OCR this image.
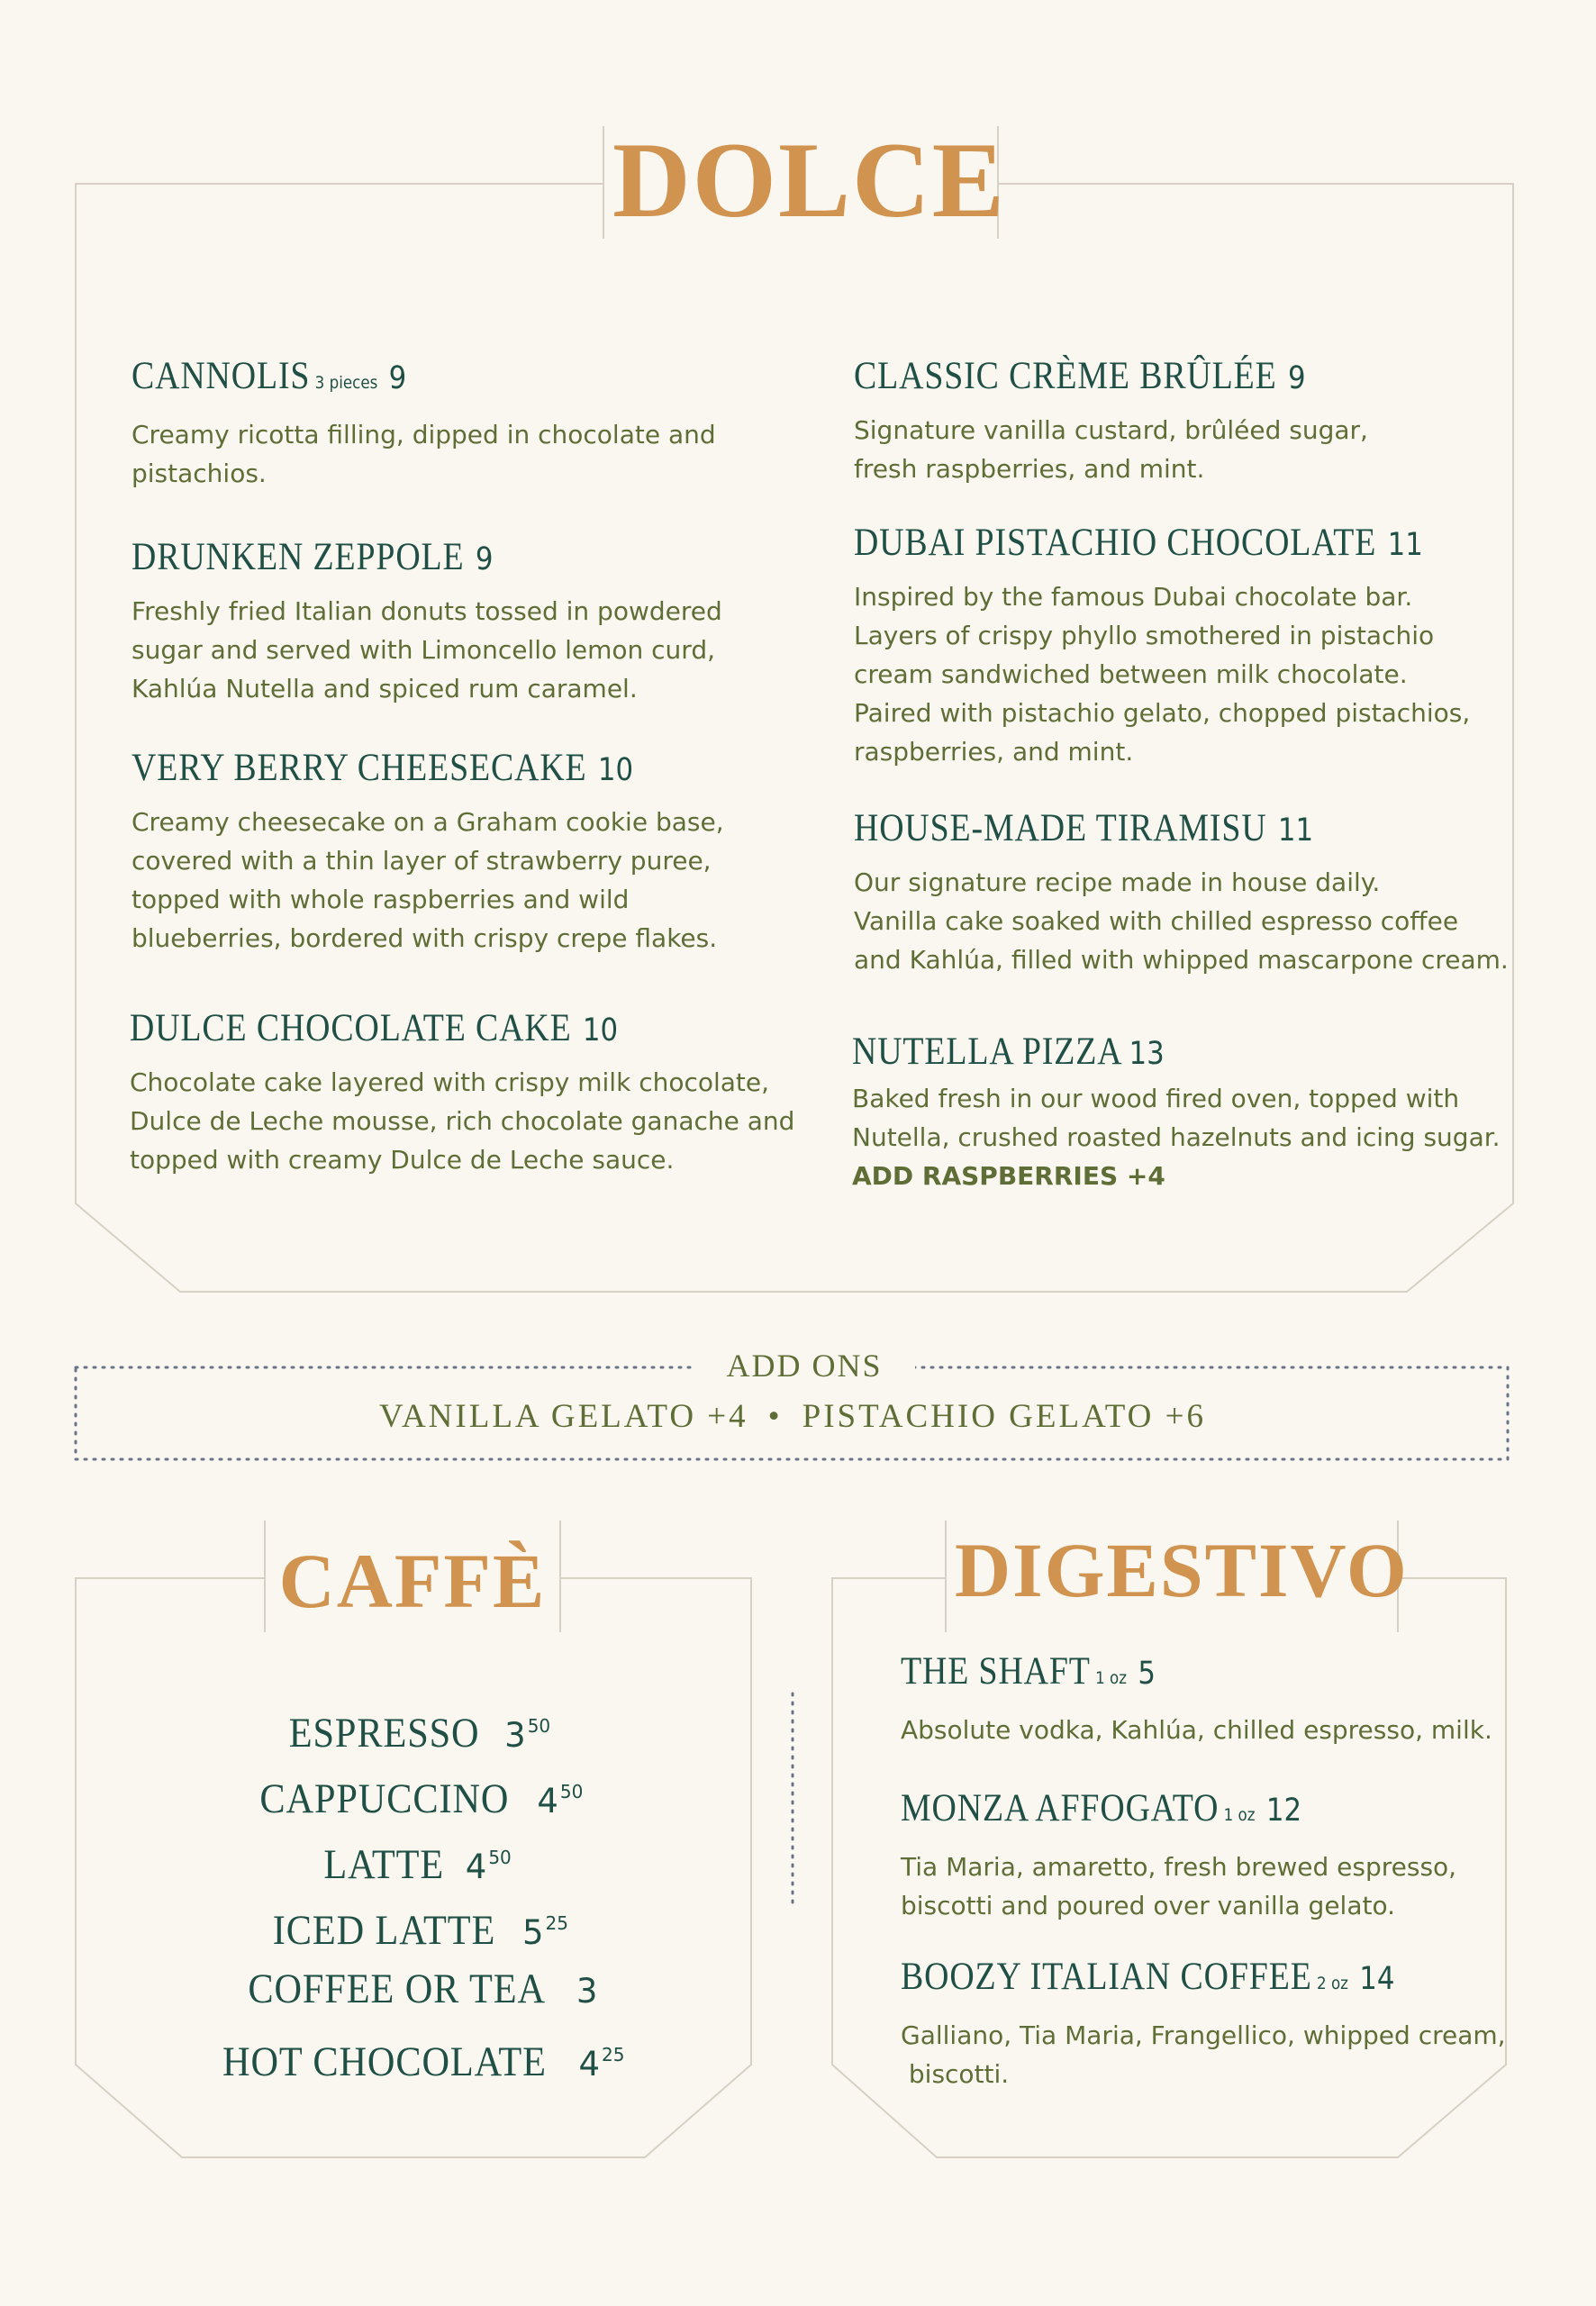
DOLCE
CANNOLIS 3 pieces 9
Creamy ricotta filling, dipped in chocolate and
pistachios.
DRUNKEN ZEPPOLE 9
Freshly fried Italian donuts tossed in powdered
sugar and served with Limoncello lemon curd,
Kahlúa Nutella and spiced rum caramel.
VERY BERRY CHEESECAKE 10
Creamy cheesecake on a Graham cookie base,
covered with a thin layer of strawberry puree,
topped with whole raspberries and wild
blueberries, bordered with crispy crepe flakes.
DULCE CHOCOLATE CAKE 10
Chocolate cake layered with crispy milk chocolate,
Dulce de Leche mousse, rich chocolate ganache and
topped with creamy Dulce de Leche sauce.
CLASSIC CRÈME BRÛLÉE 9
Signature vanilla custard, brûléed sugar,
fresh raspberries, and mint.
DUBAI PISTACHIO CHOCOLATE 11
Inspired by the famous Dubai chocolate bar.
Layers of crispy phyllo smothered in pistachio
cream sandwiched between milk chocolate.
Paired with pistachio gelato, chopped pistachios,
raspberries, and mint.
HOUSE-MADE TIRAMISU 11
Our signature recipe made in house daily.
Vanilla cake soaked with chilled espresso coffee
and Kahlúa, filled with whipped mascarpone cream.
NUTELLA PIZZA 13
Baked fresh in our wood fired oven, topped with
Nutella, crushed roasted hazelnuts and icing sugar.
ADD RASPBERRIES +4
ADD ONS
VANILLA GELATO +4 • PISTACHIO GELATO +6
CAFFÈ
ESPRESSO 3 $^{50}$
CAPPUCCINO 4 $^{50}$
LATTE 4 $^{50}$
ICED LATTE 5 $^{25}$
COFFEE OR TEA 3
HOT CHOCOLATE 4 $^{25}$
DIGESTIVO
THE SHAFT 1 oz 5
Absolute vodka, Kahlúa, chilled espresso, milk.
MONZA AFFOGATO 1 oz 12
Tia Maria, amaretto, fresh brewed espresso,
biscotti and poured over vanilla gelato.
BOOZY ITALIAN COFFEE 2 oz 14
Galliano, Tia Maria, Frangellico, whipped cream,
biscotti.
